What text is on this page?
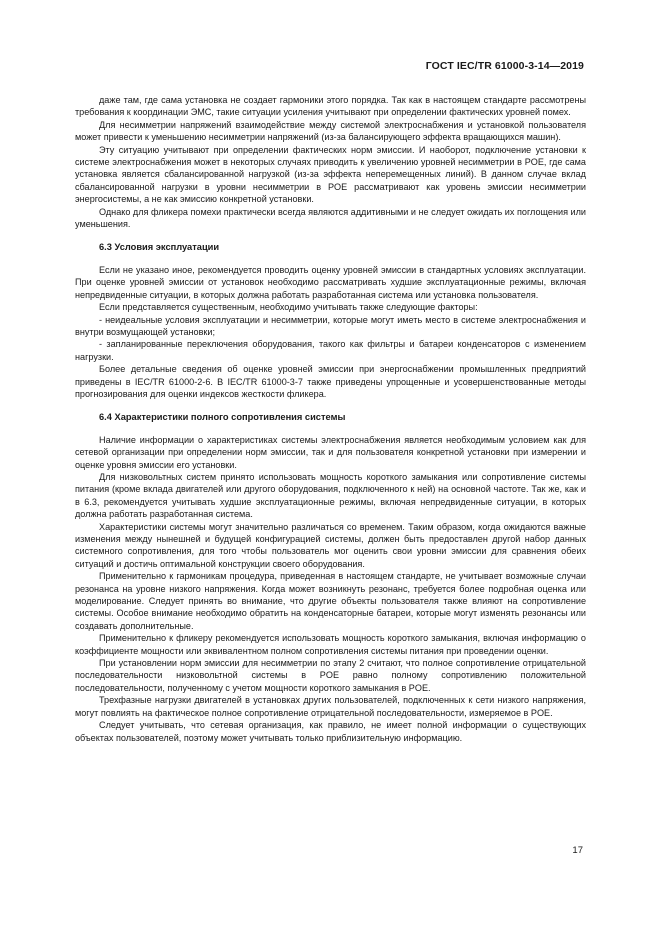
ГОСТ IEC/TR 61000-3-14—2019

даже там, где сама установка не создает гармоники этого порядка. Так как в настоящем стандарте рассмотрены требования к координации ЭМС, такие ситуации усиления учитывают при определении фактических уровней помех.

Для несимметрии напряжений взаимодействие между системой электроснабжения и установкой пользователя может привести к уменьшению несимметрии напряжений (из-за балансирующего эффекта вращающихся машин).

Эту ситуацию учитывают при определении фактических норм эмиссии. И наоборот, подключение установки к системе электроснабжения может в некоторых случаях приводить к увеличению уровней несимметрии в POE, где сама установка является сбалансированной нагрузкой (из-за эффекта неперемещенных линий). В данном случае вклад сбалансированной нагрузки в уровни несимметрии в POE рассматривают как уровень эмиссии несимметрии энергосистемы, а не как эмиссию конкретной установки.

Однако для фликера помехи практически всегда являются аддитивными и не следует ожидать их поглощения или уменьшения.

6.3 Условия эксплуатации

Если не указано иное, рекомендуется проводить оценку уровней эмиссии в стандартных условиях эксплуатации. При оценке уровней эмиссии от установок необходимо рассматривать худшие эксплуатационные режимы, включая непредвиденные ситуации, в которых должна работать разработанная система или установка пользователя.

Если представляется существенным, необходимо учитывать также следующие факторы:

- неидеальные условия эксплуатации и несимметрии, которые могут иметь место в системе электроснабжения и внутри возмущающей установки;

- запланированные переключения оборудования, такого как фильтры и батареи конденсаторов с изменением нагрузки.

Более детальные сведения об оценке уровней эмиссии при энергоснабжении промышленных предприятий приведены в IEC/TR 61000-2-6. В IEC/TR 61000-3-7 также приведены упрощенные и усовершенствованные методы прогнозирования для оценки индексов жесткости фликера.

6.4 Характеристики полного сопротивления системы

Наличие информации о характеристиках системы электроснабжения является необходимым условием как для сетевой организации при определении норм эмиссии, так и для пользователя конкретной установки при измерении и оценке уровня эмиссии его установки.

Для низковольтных систем принято использовать мощность короткого замыкания или сопротивление системы питания (кроме вклада двигателей или другого оборудования, подключенного к ней) на основной частоте. Так же, как и в 6.3, рекомендуется учитывать худшие эксплуатационные режимы, включая непредвиденные ситуации, в которых должна работать разработанная система.

Характеристики системы могут значительно различаться со временем. Таким образом, когда ожидаются важные изменения между нынешней и будущей конфигурацией системы, должен быть предоставлен другой набор данных системного сопротивления, для того чтобы пользователь мог оценить свои уровни эмиссии для сравнения обеих ситуаций и достичь оптимальной конструкции своего оборудования.

Применительно к гармоникам процедура, приведенная в настоящем стандарте, не учитывает возможные случаи резонанса на уровне низкого напряжения. Когда может возникнуть резонанс, требуется более подробная оценка или моделирование. Следует принять во внимание, что другие объекты пользователя также влияют на сопротивление системы. Особое внимание необходимо обратить на конденсаторные батареи, которые могут изменять резонансы или создавать дополнительные.

Применительно к фликеру рекомендуется использовать мощность короткого замыкания, включая информацию о коэффициенте мощности или эквивалентном полном сопротивления системы питания при проведении оценки.

При установлении норм эмиссии для несимметрии по этапу 2 считают, что полное сопротивление отрицательной последовательности низковольтной системы в POE равно полному сопротивлению положительной последовательности, полученному с учетом мощности короткого замыкания в POE.

Трехфазные нагрузки двигателей в установках других пользователей, подключенных к сети низкого напряжения, могут повлиять на фактическое полное сопротивление отрицательной последовательности, измеряемое в POE.

Следует учитывать, что сетевая организация, как правило, не имеет полной информации о существующих объектах пользователей, поэтому может учитывать только приблизительную информацию.

17
